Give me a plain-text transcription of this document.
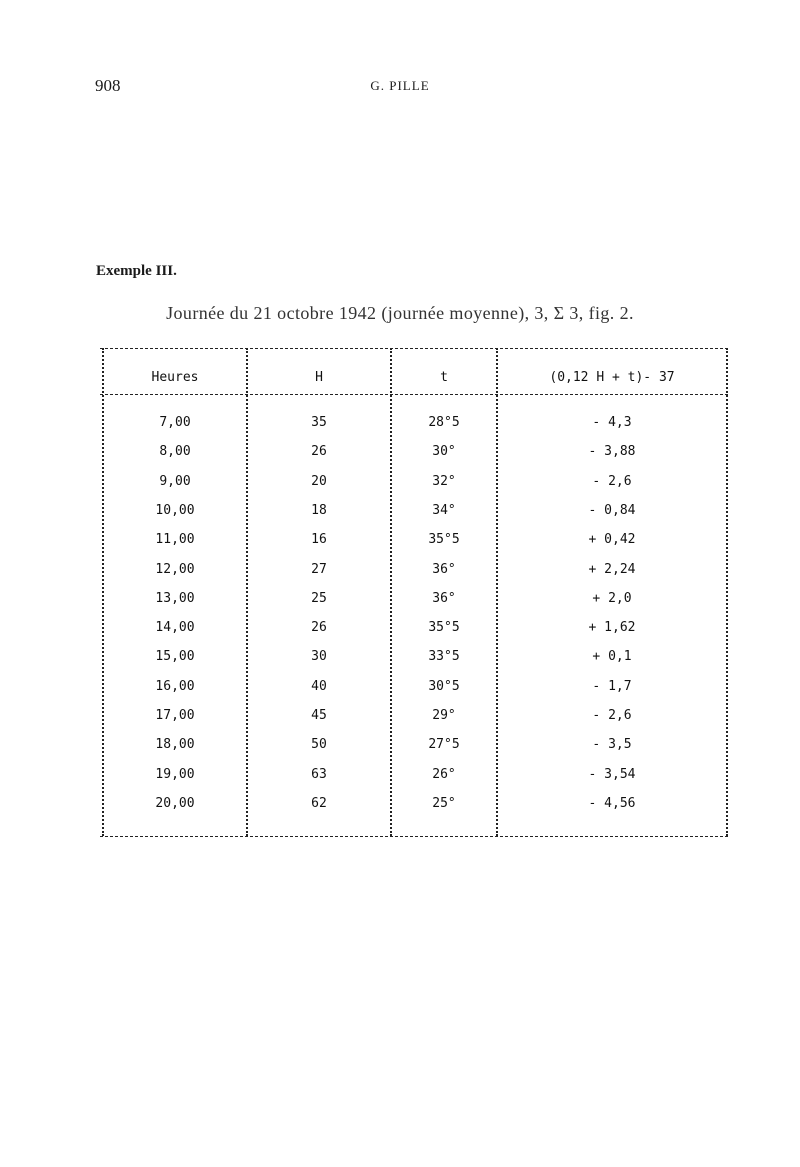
908	G. PILLE
Exemple III.
Journée du 21 octobre 1942 (journée moyenne), 3, Σ 3, fig. 2.
Heures	H	t	(0,12 H + t)- 37
7,00	35	28°5	- 4,3
8,00	26	30°	- 3,88
9,00	20	32°	- 2,6
10,00	18	34°	- 0,84
11,00	16	35°5	+ 0,42
12,00	27	36°	+ 2,24
13,00	25	36°	+ 2,0
14,00	26	35°5	+ 1,62
15,00	30	33°5	+ 0,1
16,00	40	30°5	- 1,7
17,00	45	29°	- 2,6
18,00	50	27°5	- 3,5
19,00	63	26°	- 3,54
20,00	62	25°	- 4,56
